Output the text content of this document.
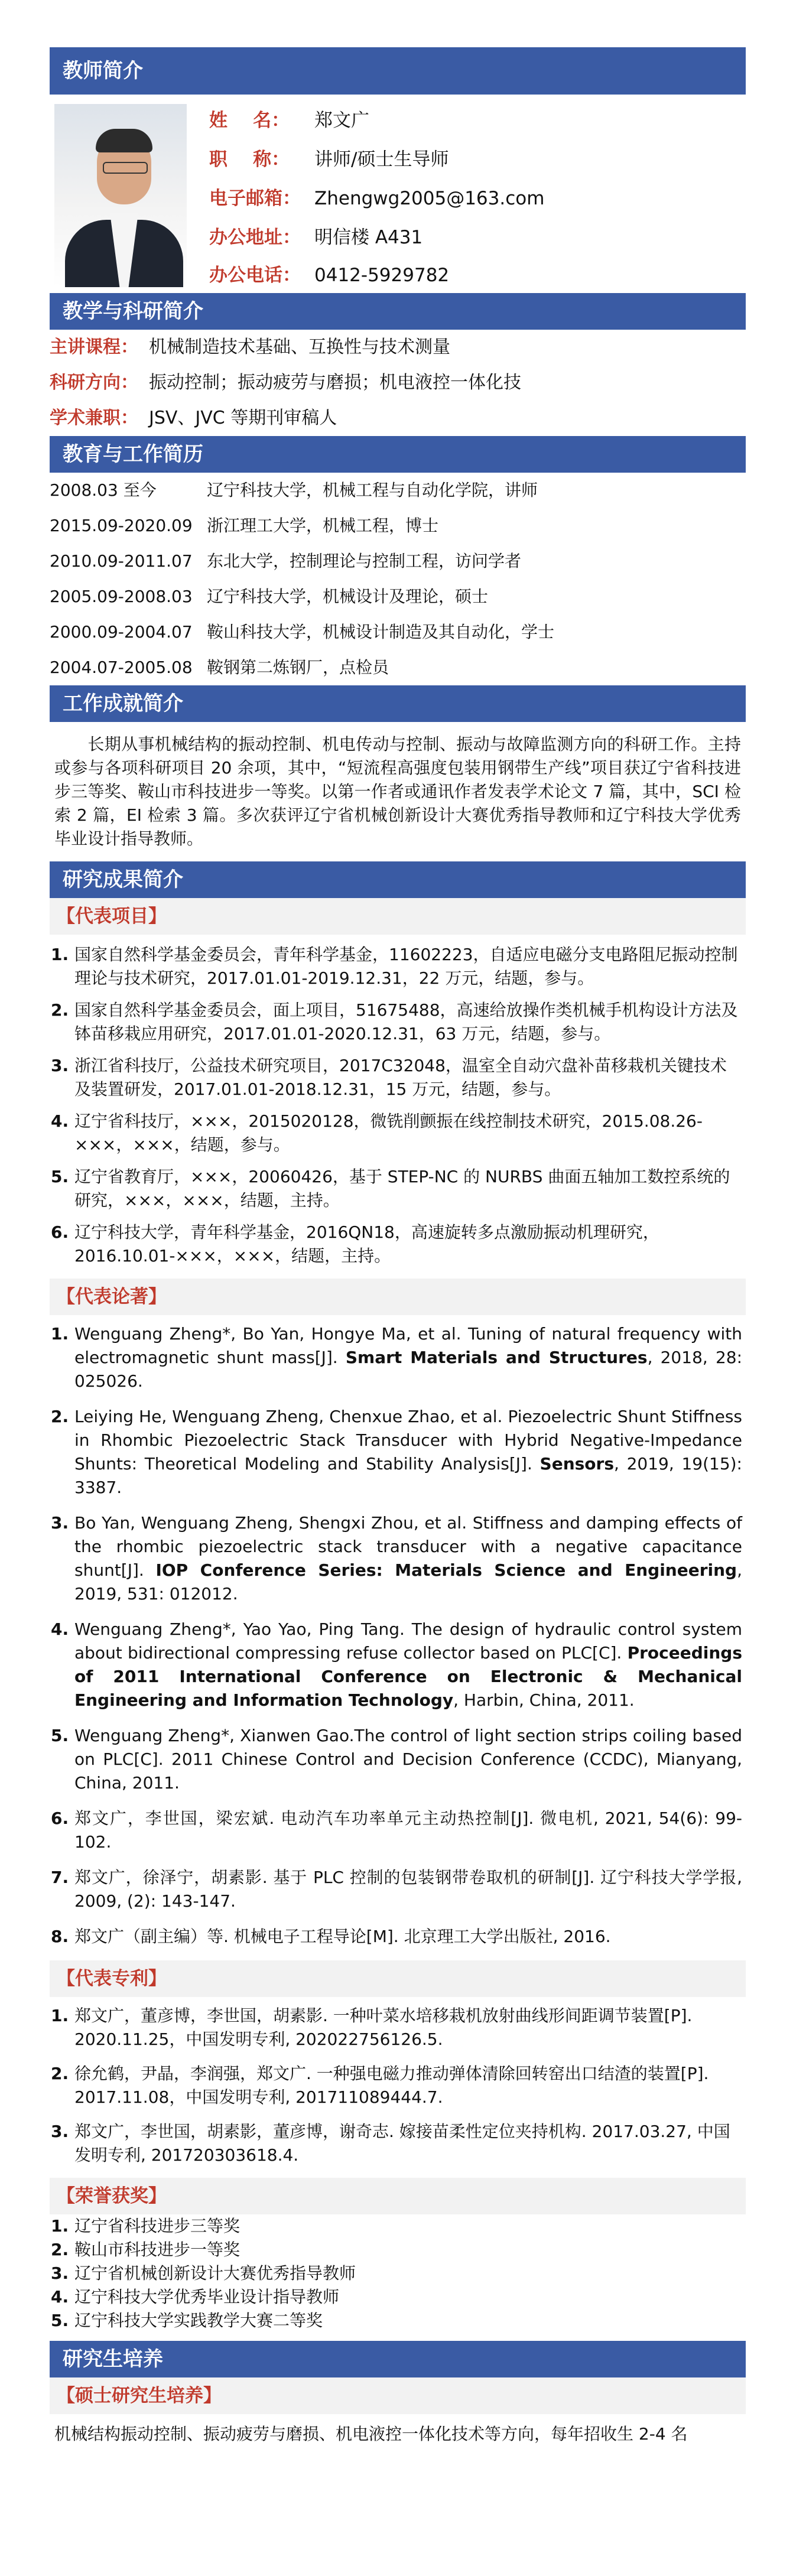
教师简介
姓    名： 郑文广
职    称： 讲师/硕士生导师
电子邮箱： Zhengwg2005@163.com
办公地址： 明信楼 A431
办公电话： 0412-5929782
教学与科研简介
主讲课程： 机械制造技术基础、互换性与技术测量
科研方向： 振动控制；振动疲劳与磨损；机电液控一体化技
学术兼职： JSV、JVC 等期刊审稿人
教育与工作简历
2008.03 至今	辽宁科技大学，机械工程与自动化学院，讲师
2015.09-2020.09 浙江理工大学，机械工程，博士
2010.09-2011.07 东北大学，控制理论与控制工程，访问学者
2005.09-2008.03 辽宁科技大学，机械设计及理论，硕士
2000.09-2004.07 鞍山科技大学，机械设计制造及其自动化，学士
2004.07-2005.08 鞍钢第二炼钢厂，点检员
工作成就简介
长期从事机械结构的振动控制、机电传动与控制、振动与故障监测方向的科研工作。主持或参与各项科研项目 20 余项，其中，“短流程高强度包装用钢带生产线”项目获辽宁省科技进步三等奖、鞍山市科技进步一等奖。以第一作者或通讯作者发表学术论文 7 篇，其中，SCI 检索 2 篇，EI 检索 3 篇。多次获评辽宁省机械创新设计大赛优秀指导教师和辽宁科技大学优秀毕业设计指导教师。
研究成果简介
【代表项目】
1. 国家自然科学基金委员会，青年科学基金，11602223，自适应电磁分支电路阻尼振动控制理论与技术研究，2017.01.01-2019.12.31，22 万元，结题，参与。
2. 国家自然科学基金委员会，面上项目，51675488，高速给放操作类机械手机构设计方法及钵苗移栽应用研究，2017.01.01-2020.12.31，63 万元，结题，参与。
3. 浙江省科技厅，公益技术研究项目，2017C32048，温室全自动穴盘补苗移栽机关键技术及装置研发，2017.01.01-2018.12.31，15 万元，结题，参与。
4. 辽宁省科技厅，×××，2015020128，微铣削颤振在线控制技术研究，2015.08.26-×××，×××，结题，参与。
5. 辽宁省教育厅，×××，20060426，基于 STEP-NC 的 NURBS 曲面五轴加工数控系统的研究，×××，×××，结题，主持。
6. 辽宁科技大学，青年科学基金，2016QN18，高速旋转多点激励振动机理研究，2016.10.01-×××，×××，结题，主持。
【代表论著】
1. Wenguang Zheng*, Bo Yan, Hongye Ma, et al. Tuning of natural frequency with electromagnetic shunt mass[J]. Smart Materials and Structures, 2018, 28: 025026.
2. Leiying He, Wenguang Zheng, Chenxue Zhao, et al. Piezoelectric Shunt Stiffness in Rhombic Piezoelectric Stack Transducer with Hybrid Negative-Impedance Shunts: Theoretical Modeling and Stability Analysis[J]. Sensors, 2019, 19(15): 3387.
3. Bo Yan, Wenguang Zheng, Shengxi Zhou, et al. Stiffness and damping effects of the rhombic piezoelectric stack transducer with a negative capacitance shunt[J]. IOP Conference Series: Materials Science and Engineering, 2019, 531: 012012.
4. Wenguang Zheng*, Yao Yao, Ping Tang. The design of hydraulic control system about bidirectional compressing refuse collector based on PLC[C]. Proceedings of 2011 International Conference on Electronic & Mechanical Engineering and Information Technology, Harbin, China, 2011.
5. Wenguang Zheng*, Xianwen Gao.The control of light section strips coiling based on PLC[C]. 2011 Chinese Control and Decision Conference (CCDC), Mianyang, China, 2011.
6. 郑文广，李世国，梁宏斌. 电动汽车功率单元主动热控制[J]. 微电机, 2021, 54(6): 99-102.
7. 郑文广，徐泽宁，胡素影. 基于 PLC 控制的包装钢带卷取机的研制[J]. 辽宁科技大学学报, 2009, (2): 143-147.
8. 郑文广（副主编）等. 机械电子工程导论[M]. 北京理工大学出版社, 2016.
【代表专利】
1. 郑文广，董彦博，李世国，胡素影. 一种叶菜水培移栽机放射曲线形间距调节装置[P]. 2020.11.25，中国发明专利, 202022756126.5.
2. 徐允鹤，尹晶，李润强，郑文广. 一种强电磁力推动弹体清除回转窑出口结渣的装置[P]. 2017.11.08，中国发明专利, 201711089444.7.
3. 郑文广，李世国，胡素影，董彦博，谢奇志. 嫁接苗柔性定位夹持机构. 2017.03.27, 中国发明专利, 201720303618.4.
【荣誉获奖】
1. 辽宁省科技进步三等奖
2. 鞍山市科技进步一等奖
3. 辽宁省机械创新设计大赛优秀指导教师
4. 辽宁科技大学优秀毕业设计指导教师
5. 辽宁科技大学实践教学大赛二等奖
研究生培养
【硕士研究生培养】
机械结构振动控制、振动疲劳与磨损、机电液控一体化技术等方向，每年招收生 2-4 名
